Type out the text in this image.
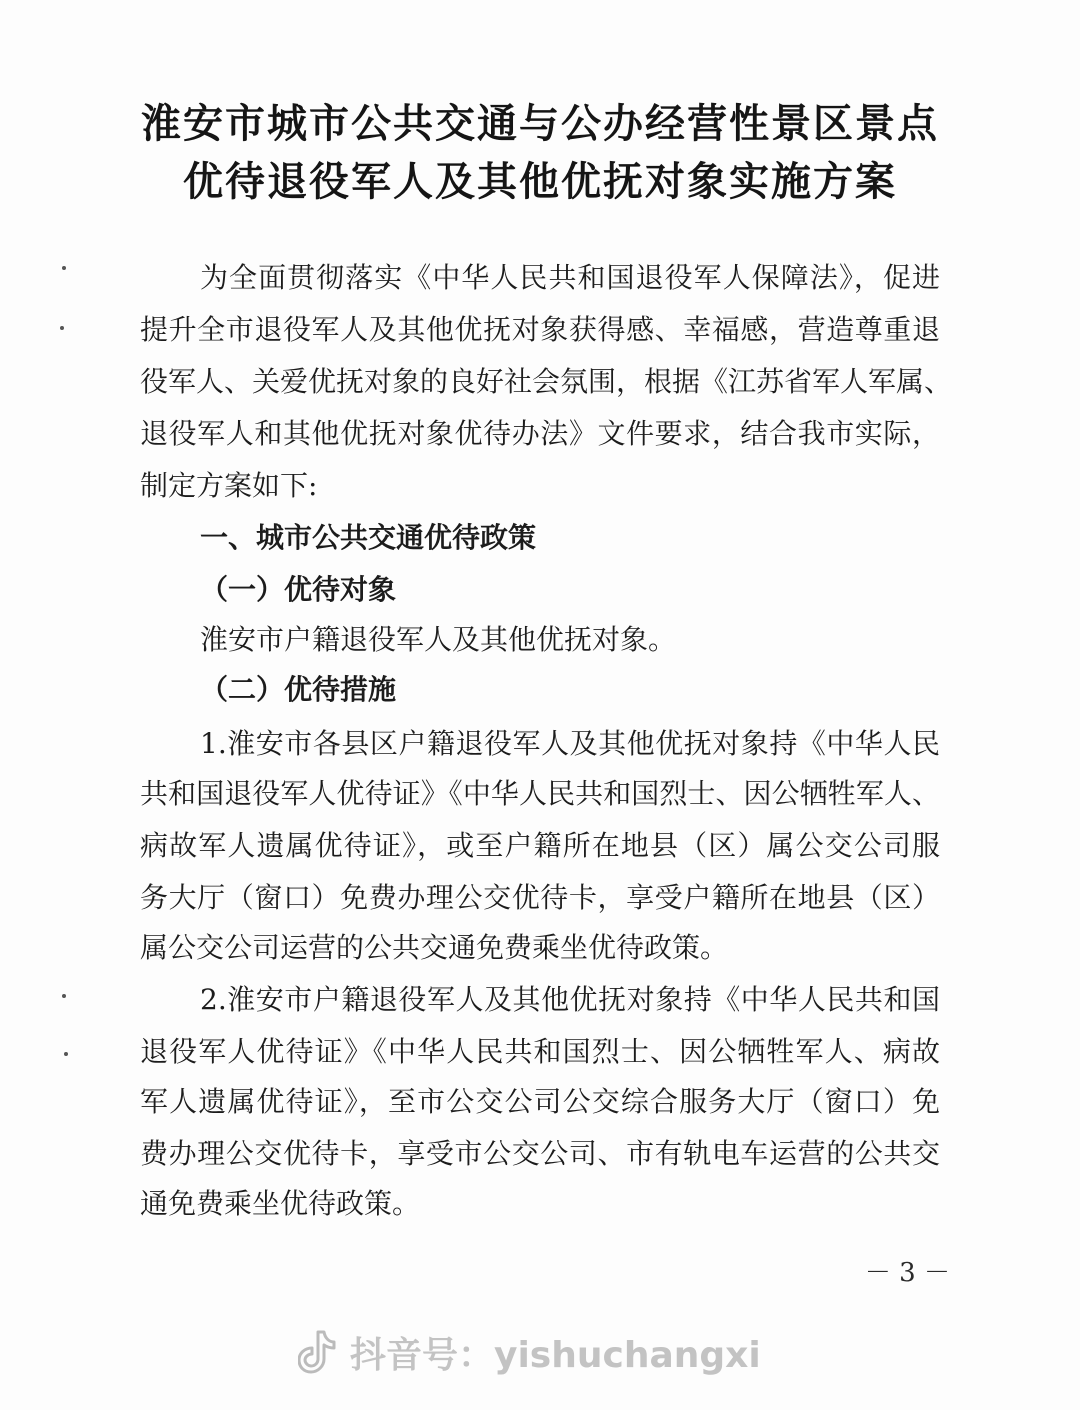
淮安市城市公共交通与公办经营性景区景点
优待退役军人及其他优抚对象实施方案

为全面贯彻落实《中华人民共和国退役军人保障法》，促进

提升全市退役军人及其他优抚对象获得感、幸福感，营造尊重退

役军人、关爱优抚对象的良好社会氛围，根据《江苏省军人军属、

退役军人和其他优抚对象优待办法》文件要求，结合我市实际，

制定方案如下:

一、城市公共交通优待政策

（一）优待对象

淮安市户籍退役军人及其他优抚对象。

（二）优待措施

1.淮安市各县区户籍退役军人及其他优抚对象持《中华人民

共和国退役军人优待证》《中华人民共和国烈士、因公牺牲军人、

病故军人遗属优待证》，或至户籍所在地县（区）属公交公司服

务大厅（窗口）免费办理公交优待卡，享受户籍所在地县（区）

属公交公司运营的公共交通免费乘坐优待政策。

2.淮安市户籍退役军人及其他优抚对象持《中华人民共和国

退役军人优待证》《中华人民共和国烈士、因公牺牲军人、病故

军人遗属优待证》，至市公交公司公交综合服务大厅（窗口）免

费办理公交优待卡，享受市公交公司、市有轨电车运营的公共交

通免费乘坐优待政策。

－ 3 －
抖音号：yishuchangxi
